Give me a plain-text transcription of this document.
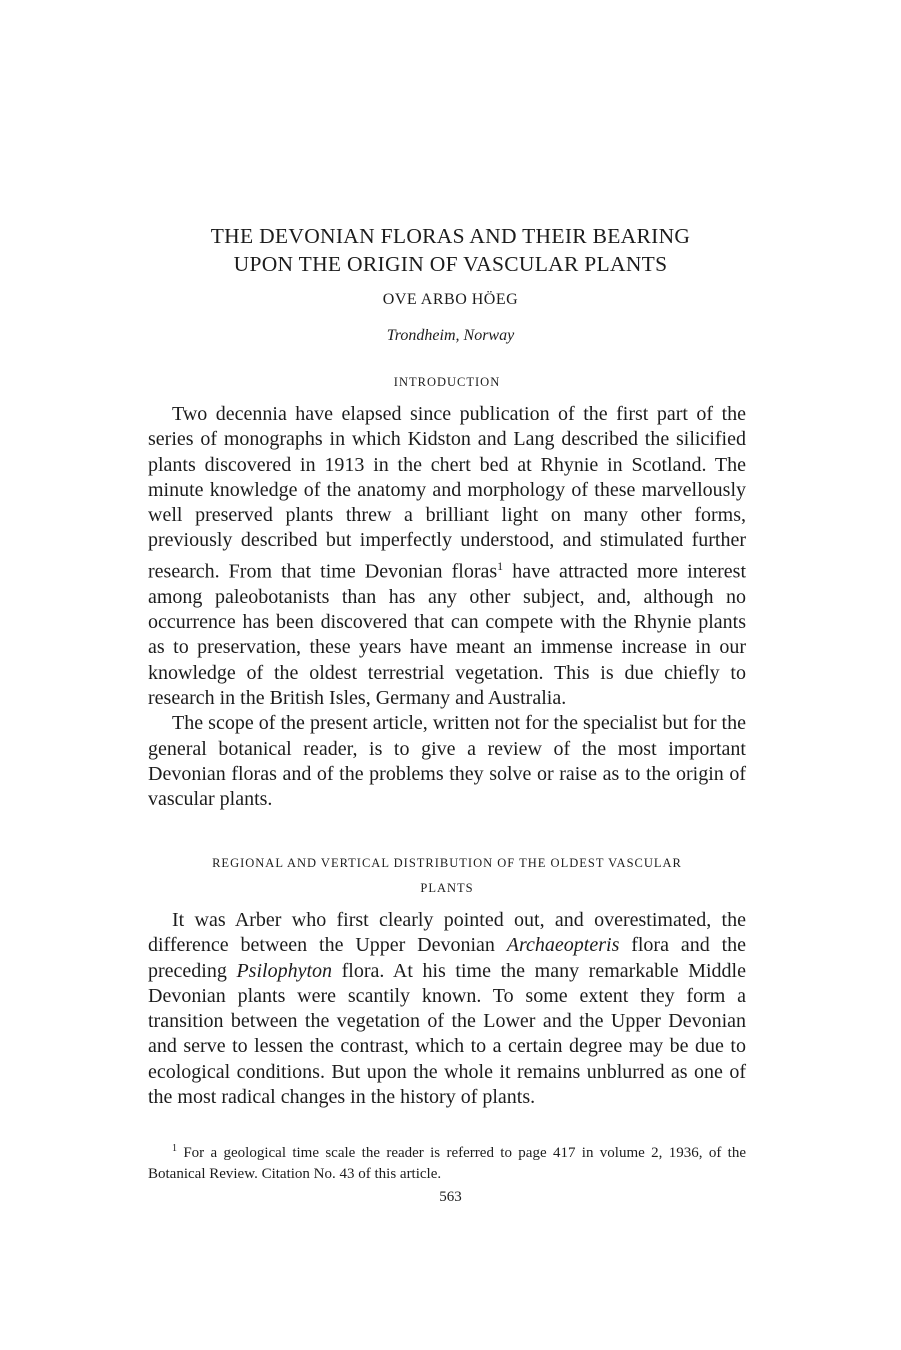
THE DEVONIAN FLORAS AND THEIR BEARING
UPON THE ORIGIN OF VASCULAR PLANTS
OVE ARBO HÖEG
Trondheim, Norway
INTRODUCTION

Two decennia have elapsed since publication of the first part of the series of monographs in which Kidston and Lang described the silicified plants discovered in 1913 in the chert bed at Rhynie in Scotland. The minute knowledge of the anatomy and morphology of these marvellously well preserved plants threw a brilliant light on many other forms, previously described but imperfectly understood, and stimulated further research. From that time Devonian floras$^1$ have attracted more interest among paleobotanists than has any other subject, and, although no occurrence has been discovered that can compete with the Rhynie plants as to preservation, these years have meant an immense increase in our knowledge of the oldest terrestrial vegetation. This is due chiefly to research in the British Isles, Germany and Australia.

The scope of the present article, written not for the specialist but for the general botanical reader, is to give a review of the most important Devonian floras and of the problems they solve or raise as to the origin of vascular plants.

REGIONAL AND VERTICAL DISTRIBUTION OF THE OLDEST VASCULAR
PLANTS

It was Arber who first clearly pointed out, and overestimated, the difference between the Upper Devonian Archaeopteris flora and the preceding Psilophyton flora. At his time the many remarkable Middle Devonian plants were scantily known. To some extent they form a transition between the vegetation of the Lower and the Upper Devonian and serve to lessen the contrast, which to a certain degree may be due to ecological conditions. But upon the whole it remains unblurred as one of the most radical changes in the history of plants.

$^1$ For a geological time scale the reader is referred to page 417 in volume 2, 1936, of the Botanical Review. Citation No. 43 of this article.
563
